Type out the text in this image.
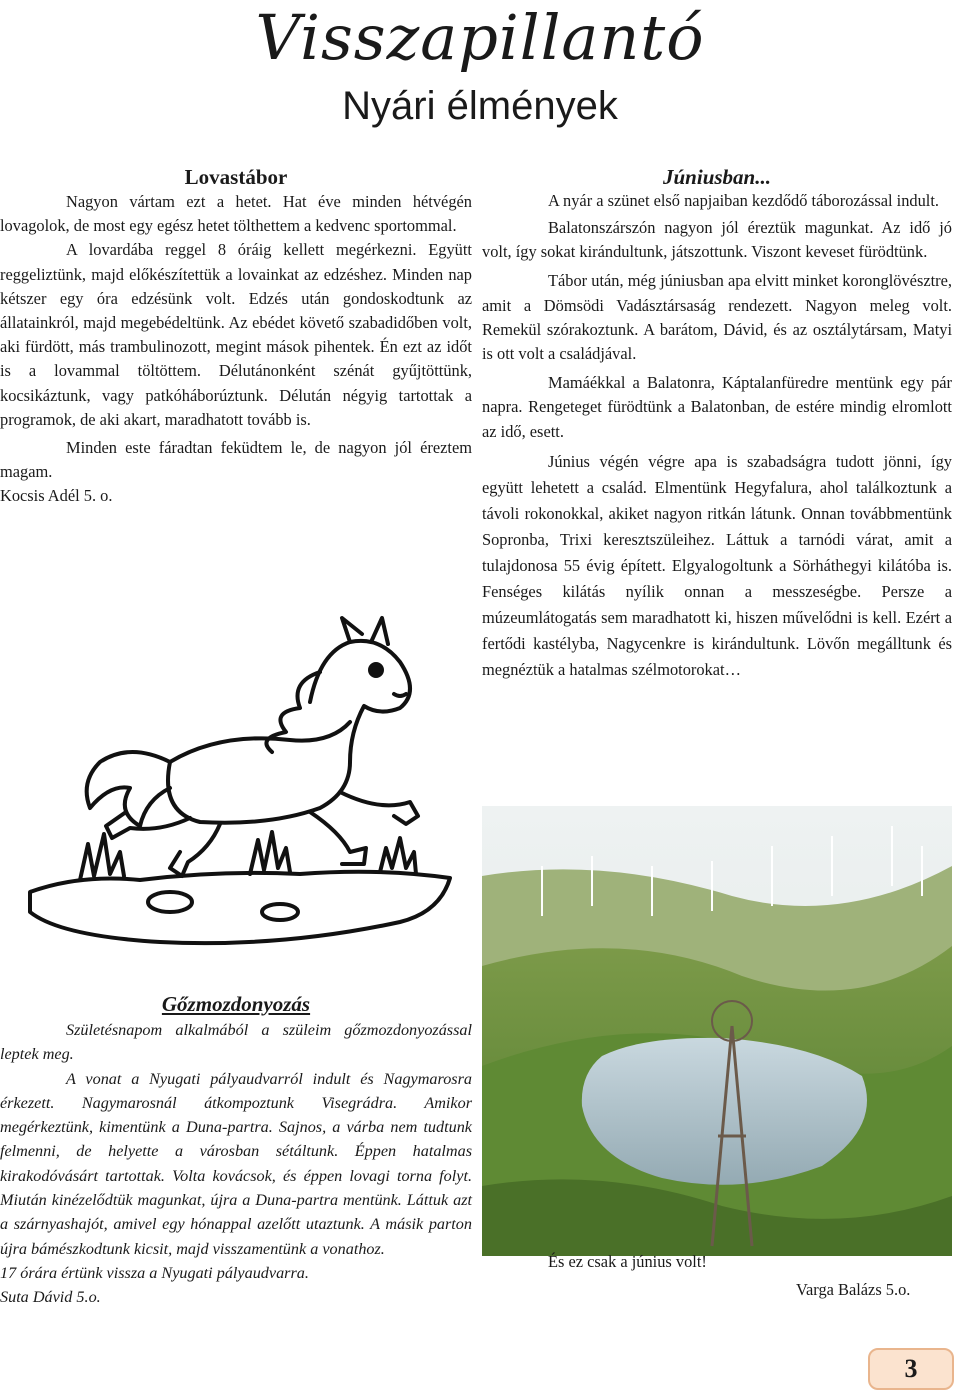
Visszapillantó
Nyári élmények
Lovastábor

Nagyon vártam ezt a hetet. Hat éve minden hétvégén lovagolok, de most egy egész hetet tölthettem a kedvenc sportommal.

A lovardába reggel 8 óráig kellett megérkezni. Együtt reggeliztünk, majd előkészítettük a lovainkat az edzéshez. Minden nap kétszer egy óra edzésünk volt. Edzés után gondoskodtunk az állatainkról, majd megebédeltünk. Az ebédet követő szabadidőben volt, aki fürdött, más trambulinozott, megint mások pihentek. Én ezt az időt is a lovammal töltöttem. Délutánonként szénát gyűjtöttünk, kocsikáztunk, vagy patkóháborúztunk. Délután négyig tartottak a programok, de aki akart, maradhatott tovább is.

Minden este fáradtan feküdtem le, de nagyon jól éreztem magam.

Kocsis Adél 5. o.

Júniusban...

A nyár a szünet első napjaiban kezdődő táborozással indult.

Balatonszárszón nagyon jól éreztük magunkat. Az idő jó volt, így sokat kirándultunk, játszottunk. Viszont keveset fürödtünk.

Tábor után, még júniusban apa elvitt minket koronglövésztre, amit a Dömsödi Vadásztársaság rendezett. Nagyon meleg volt. Remekül szórakoztunk. A barátom, Dávid, és az osztálytársam, Matyi is ott volt a családjával.

Mamáékkal a Balatonra, Káptalanfüredre mentünk egy pár napra. Rengeteget fürödtünk a Balatonban, de estére mindig elromlott az idő, esett.

Június végén végre apa is szabadságra tudott jönni, így együtt lehetett a család. Elmentünk Hegyfalura, ahol találkoztunk a távoli rokonokkal, akiket nagyon ritkán látunk. Onnan továbbmentünk Sopronba, Trixi keresztszüleihez. Láttuk a tarnódi várat, amit a tulajdonosa 55 évig épített. Elgyalogoltunk a Sörháthegyi kilátóba is. Fenséges kilátás nyílik onnan a messzeségbe. Persze a múzeumlátogatás sem maradhatott ki, hiszen művelődni is kell. Ezért a fertődi kastélyba, Nagycenkre is kirándultunk. Lövőn megálltunk és megnéztük a hatalmas szélmotorokat…

És ez csak a június volt!
Varga Balázs 5.o.
Gőzmozdonyozás

Születésnapom alkalmából a szüleim gőzmozdonyozással leptek meg.

A vonat a Nyugati pályaudvarról indult és Nagymarosra érkezett. Nagymarosnál átkompoztunk Visegrádra. Amikor megérkeztünk, kimentünk a Duna-partra. Sajnos, a várba nem tudtunk felmenni, de helyette a városban sétáltunk. Éppen hatalmas kirakodóvásárt tartottak. Volta kovácsok, és éppen lovagi torna folyt. Miután kinézelődtük magunkat, újra a Duna-partra mentünk. Láttuk azt a szárnyashajót, amivel egy hónappal azelőtt utaztunk. A másik parton újra bámészkodtunk kicsit, majd visszamentünk a vonathoz.

17 órára értünk vissza a Nyugati pályaudvarra.

Suta Dávid 5.o.

3
